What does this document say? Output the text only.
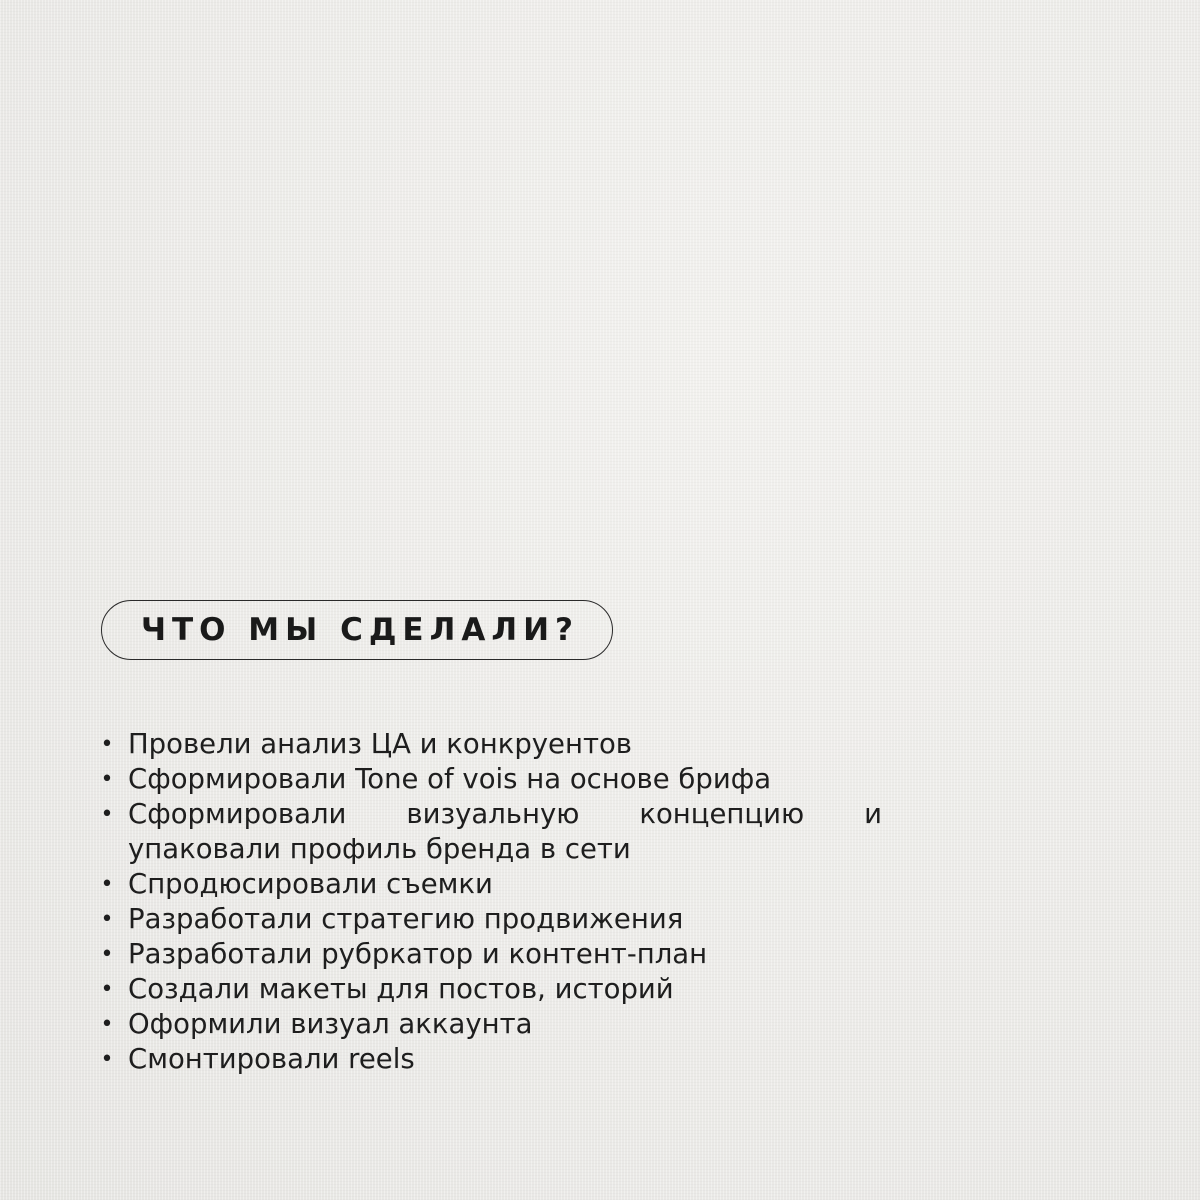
ЧТО МЫ СДЕЛАЛИ?
• Провели анализ ЦА и конкруентов
• Сформировали Tone of vois на основе брифа
• Сформировали визуальную концепцию и
упаковали профиль бренда в сети
• Спродюсировали съемки
• Разработали стратегию продвижения
• Разработали рубркатор и контент-план
• Создали макеты для постов, историй
• Оформили визуал аккаунта
• Смонтировали reels
